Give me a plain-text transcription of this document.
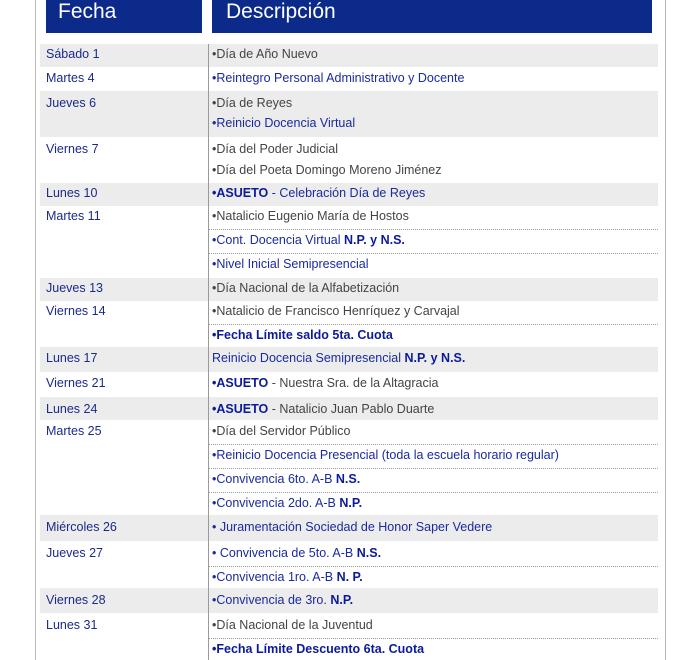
Fecha	Descripción
Sábado 1	•Día de Año Nuevo
Martes 4	•Reintegro Personal Administrativo y Docente
Jueves 6	•Día de Reyes
•Reinicio Docencia Virtual
Viernes 7	•Día del Poder Judicial
•Día del Poeta Domingo Moreno Jiménez
Lunes 10	•ASUETO - Celebración Día de Reyes
Martes 11	•Natalicio Eugenio María de Hostos
•Cont. Docencia Virtual N.P. y N.S.
•Nivel Inicial Semipresencial
Jueves 13	•Día Nacional de la Alfabetización
Viernes 14	•Natalicio de Francisco Henríquez y Carvajal
•Fecha Límite saldo 5ta. Cuota
Lunes 17	Reinicio Docencia Semipresencial N.P. y N.S.
Viernes 21	•ASUETO - Nuestra Sra. de la Altagracia
Lunes 24	•ASUETO - Natalicio Juan Pablo Duarte
Martes 25	•Día del Servidor Público
•Reinicio Docencia Presencial (toda la escuela horario regular)
•Convivencia 6to. A-B N.S.
•Convivencia 2do. A-B N.P.
Miércoles 26	• Juramentación Sociedad de Honor Saper Vedere
Jueves 27	• Convivencia de 5to. A-B N.S.
•Convivencia 1ro. A-B N. P.
Viernes 28	•Convivencia de 3ro. N.P.
Lunes 31	•Día Nacional de la Juventud
•Fecha Límite Descuento 6ta. Cuota
